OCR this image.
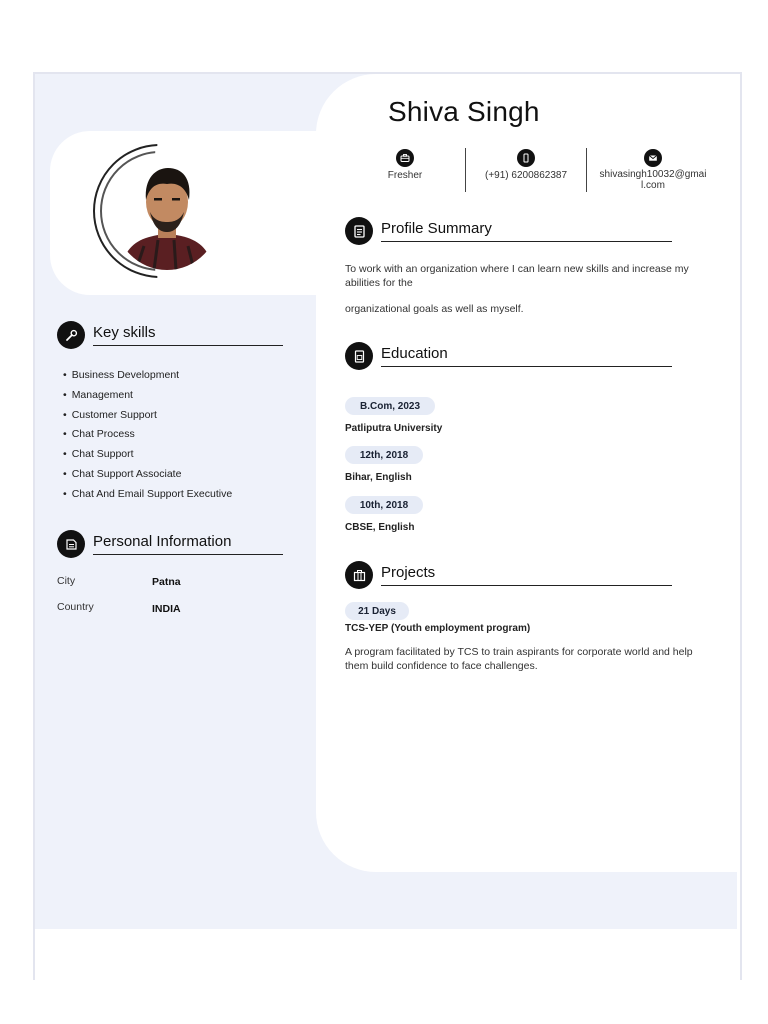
Shiva Singh
Fresher	(+91) 6200862387	shivasingh10032@gmai
l.com
Profile Summary
To work with an organization where I can learn new skills and increase my abilities for the
organizational goals as well as myself.
Education
B.Com, 2023
Patliputra University
12th, 2018
Bihar, English
10th, 2018
CBSE, English
Projects
21 Days
TCS-YEP (Youth employment program)
A program facilitated by TCS to train aspirants for corporate world and help them build confidence to face challenges.
Key skills
• Business Development
• Management
• Customer Support
• Chat Process
• Chat Support
• Chat Support Associate
• Chat And Email Support Executive
Personal Information
City	Patna
Country	INDIA
